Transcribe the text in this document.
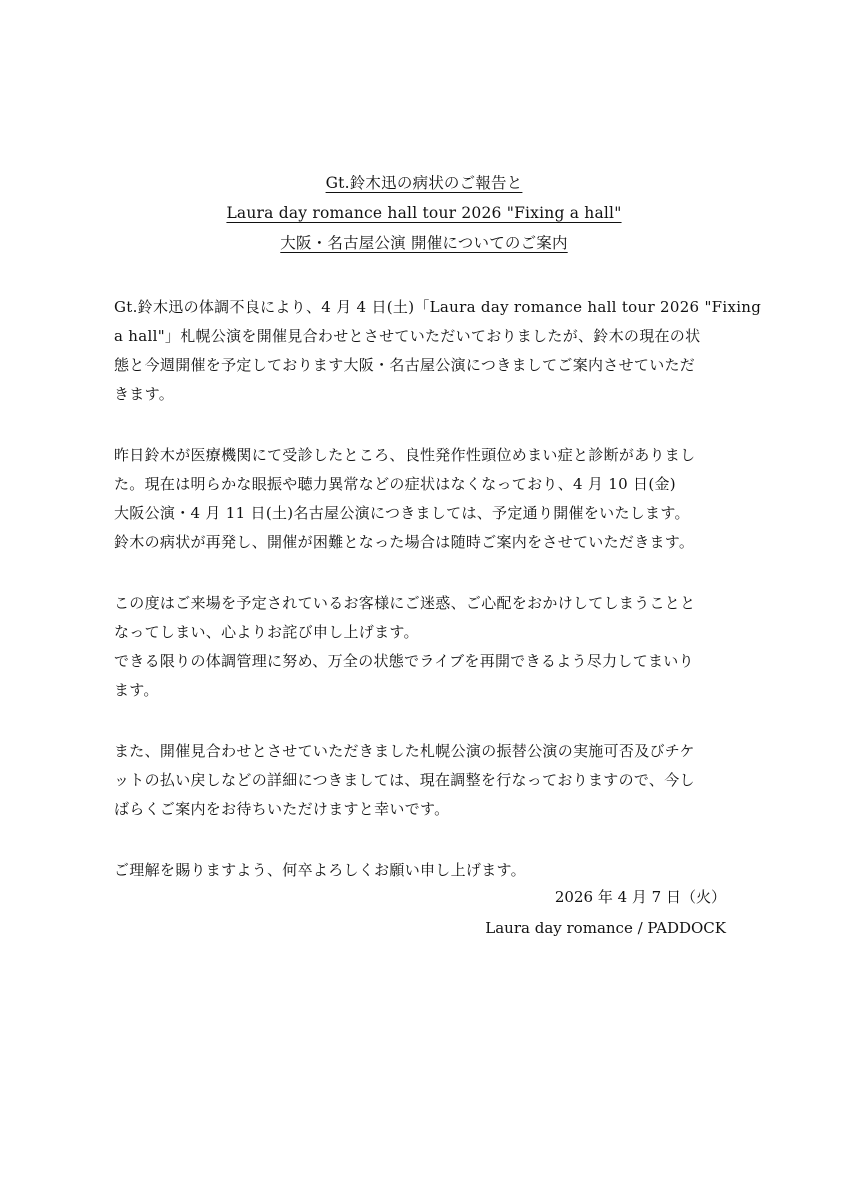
Gt.鈴木迅の病状のご報告と
Laura day romance hall tour 2026 "Fixing a hall"
大阪・名古屋公演 開催についてのご案内

Gt.鈴木迅の体調不良により、4 月 4 日(土)「Laura day romance hall tour 2026 "Fixing
a hall"」札幌公演を開催見合わせとさせていただいておりましたが、鈴木の現在の状
態と今週開催を予定しております大阪・名古屋公演につきましてご案内させていただ
きます。

昨日鈴木が医療機関にて受診したところ、良性発作性頭位めまい症と診断がありまし
た。現在は明らかな眼振や聴力異常などの症状はなくなっており、4 月 10 日(金)
大阪公演・4 月 11 日(土)名古屋公演につきましては、予定通り開催をいたします。
鈴木の病状が再発し、開催が困難となった場合は随時ご案内をさせていただきます。

この度はご来場を予定されているお客様にご迷惑、ご心配をおかけしてしまうことと
なってしまい、心よりお詫び申し上げます。
できる限りの体調管理に努め、万全の状態でライブを再開できるよう尽力してまいり
ます。

また、開催見合わせとさせていただきました札幌公演の振替公演の実施可否及びチケ
ットの払い戻しなどの詳細につきましては、現在調整を行なっておりますので、今し
ばらくご案内をお待ちいただけますと幸いです。

ご理解を賜りますよう、何卒よろしくお願い申し上げます。

2026 年 4 月 7 日（火）
Laura day romance / PADDOCK
